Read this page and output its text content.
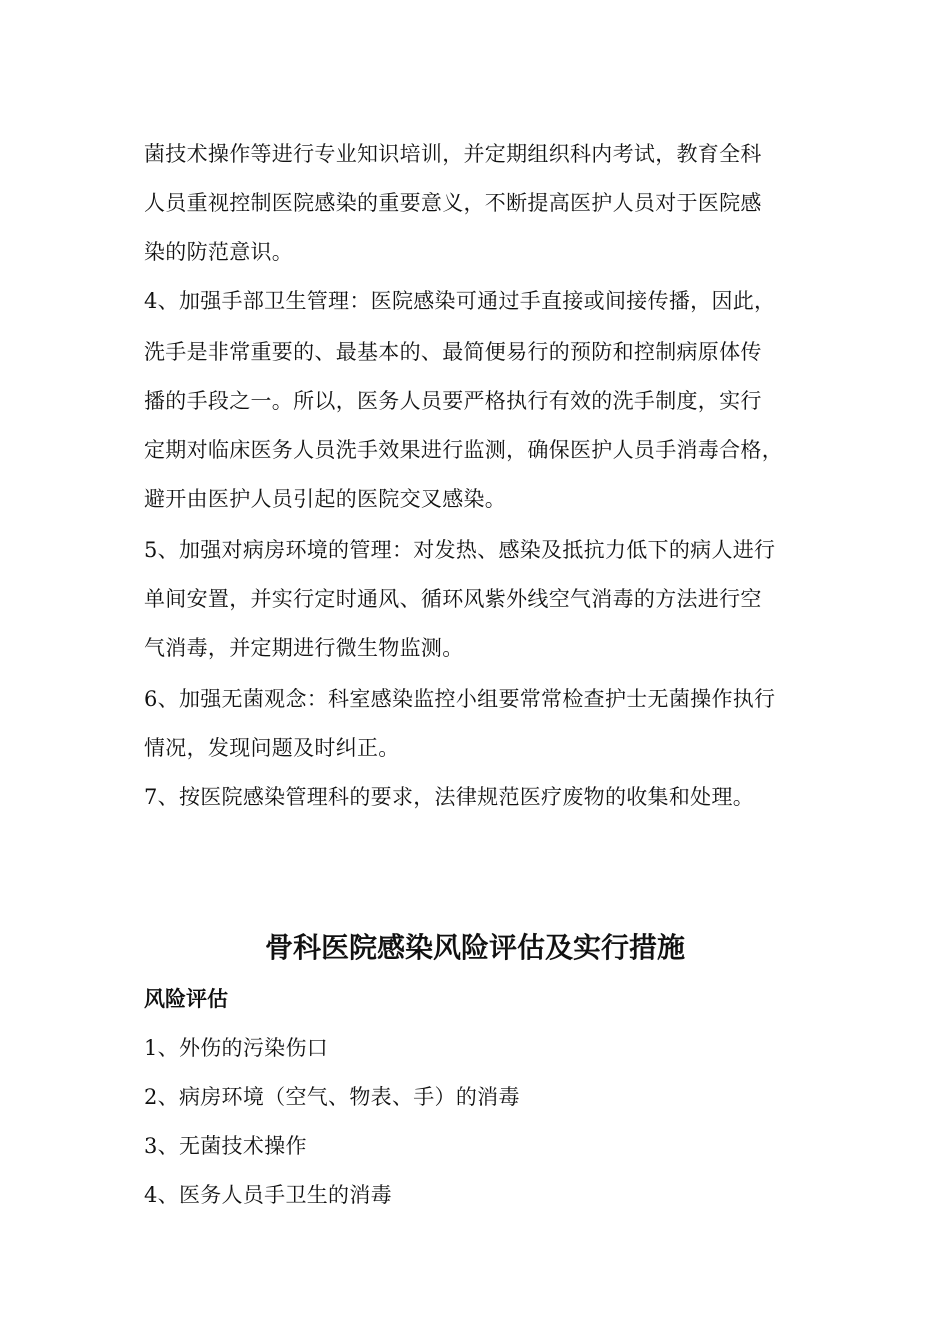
菌技术操作等进行专业知识培训，并定期组织科内考试，教育全科
人员重视控制医院感染的重要意义，不断提高医护人员对于医院感
染的防范意识。
4、加强手部卫生管理：医院感染可通过手直接或间接传播，因此，
洗手是非常重要的、最基本的、最简便易行的预防和控制病原体传
播的手段之一。所以，医务人员要严格执行有效的洗手制度，实行
定期对临床医务人员洗手效果进行监测，确保医护人员手消毒合格，
避开由医护人员引起的医院交叉感染。
5、加强对病房环境的管理：对发热、感染及抵抗力低下的病人进行
单间安置，并实行定时通风、循环风紫外线空气消毒的方法进行空
气消毒，并定期进行微生物监测。
6、加强无菌观念：科室感染监控小组要常常检查护士无菌操作执行
情况，发现问题及时纠正。
7、按医院感染管理科的要求，法律规范医疗废物的收集和处理。
骨科医院感染风险评估及实行措施
风险评估
1、外伤的污染伤口
2、病房环境（空气、物表、手）的消毒
3、无菌技术操作
4、医务人员手卫生的消毒
